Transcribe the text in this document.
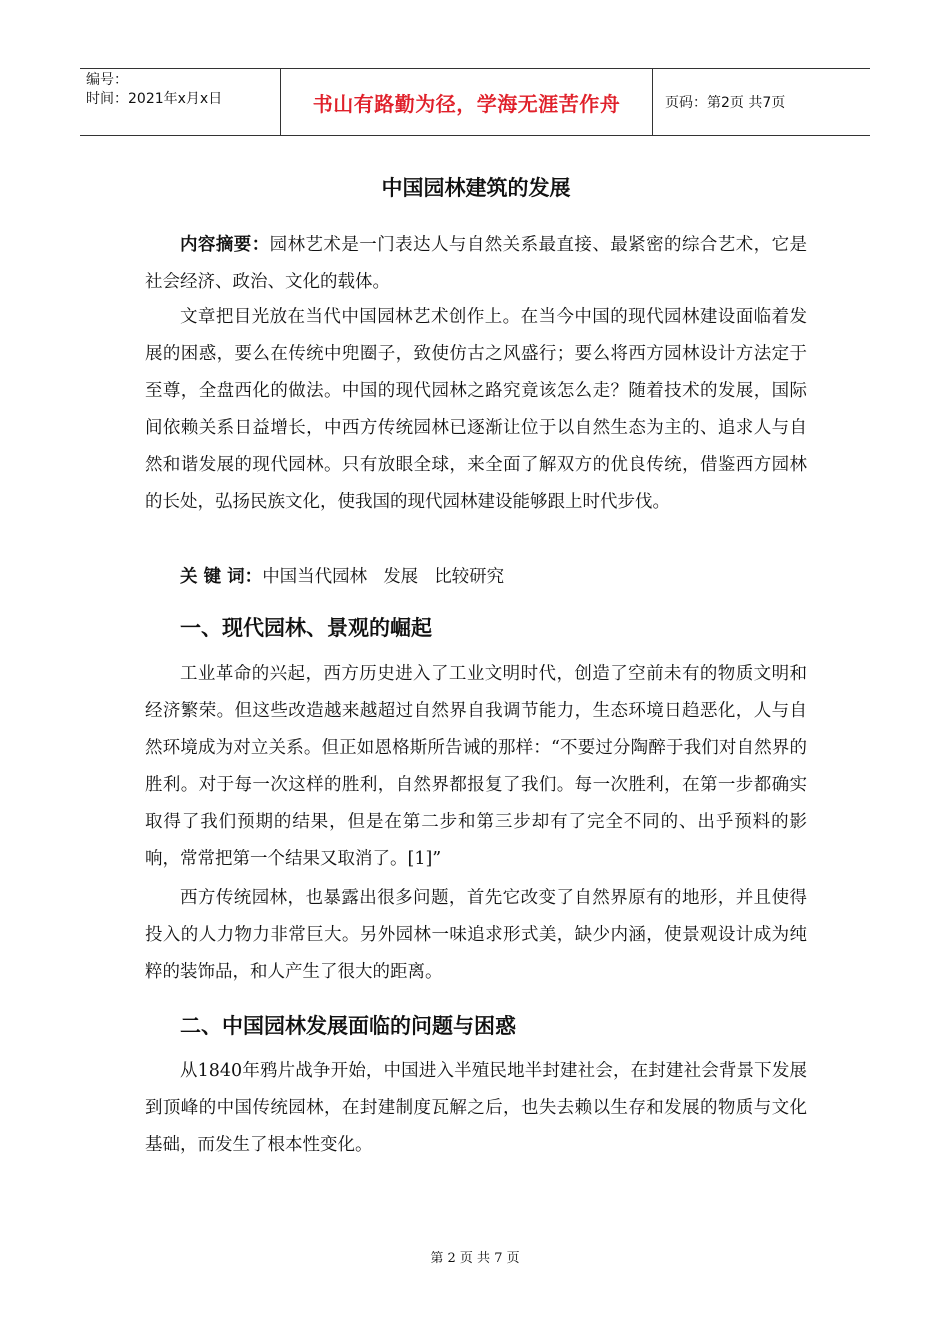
编号：
时间：2021年x月x日	书山有路勤为径，学海无涯苦作舟	页码：第2页 共7页
中国园林建筑的发展

内容摘要：园林艺术是一门表达人与自然关系最直接、最紧密的综合艺术，它是社会经济、政治、文化的载体。

文章把目光放在当代中国园林艺术创作上。在当今中国的现代园林建设面临着发展的困惑，要么在传统中兜圈子，致使仿古之风盛行；要么将西方园林设计方法定于至尊，全盘西化的做法。中国的现代园林之路究竟该怎么走？随着技术的发展，国际间依赖关系日益增长，中西方传统园林已逐渐让位于以自然生态为主的、追求人与自然和谐发展的现代园林。只有放眼全球，来全面了解双方的优良传统，借鉴西方园林的长处，弘扬民族文化，使我国的现代园林建设能够跟上时代步伐。

关 键 词：中国当代园林 发展 比较研究
一、现代园林、景观的崛起

工业革命的兴起，西方历史进入了工业文明时代，创造了空前未有的物质文明和经济繁荣。但这些改造越来越超过自然界自我调节能力，生态环境日趋恶化，人与自然环境成为对立关系。但正如恩格斯所告诫的那样：“不要过分陶醉于我们对自然界的胜利。对于每一次这样的胜利，自然界都报复了我们。每一次胜利，在第一步都确实取得了我们预期的结果，但是在第二步和第三步却有了完全不同的、出乎预料的影响，常常把第一个结果又取消了。[1]”

西方传统园林，也暴露出很多问题，首先它改变了自然界原有的地形，并且使得投入的人力物力非常巨大。另外园林一味追求形式美，缺少内涵，使景观设计成为纯粹的装饰品，和人产生了很大的距离。

二、中国园林发展面临的问题与困惑

从1840年鸦片战争开始，中国进入半殖民地半封建社会，在封建社会背景下发展到顶峰的中国传统园林，在封建制度瓦解之后，也失去赖以生存和发展的物质与文化基础，而发生了根本性变化。

第 2 页 共 7 页
